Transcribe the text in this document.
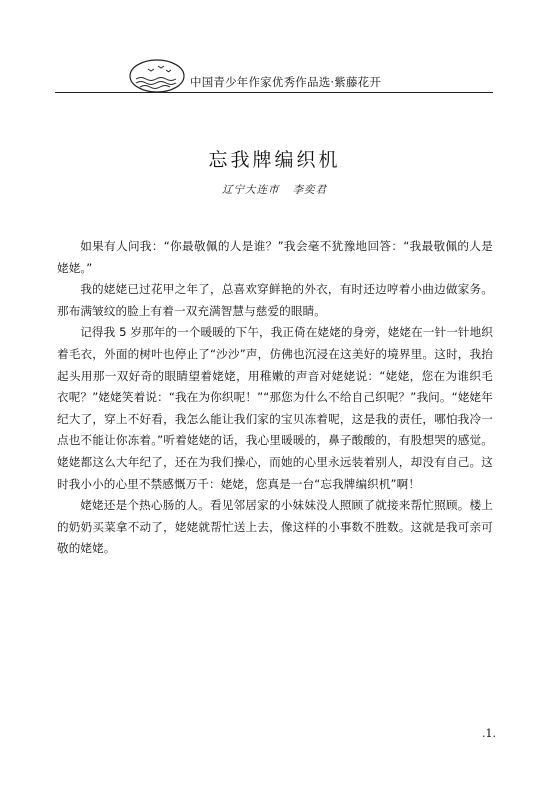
中国青少年作家优秀作品选·紫藤花开
忘我牌编织机
辽宁大连市   李奕君

如果有人问我：“你最敬佩的人是谁？”我会毫不犹豫地回答：“我最敬佩的人是姥姥。”

我的姥姥已过花甲之年了，总喜欢穿鲜艳的外衣，有时还边哼着小曲边做家务。那布满皱纹的脸上有着一双充满智慧与慈爱的眼睛。

记得我 5 岁那年的一个暖暖的下午，我正倚在姥姥的身旁，姥姥在一针一针地织着毛衣，外面的树叶也停止了“沙沙”声，仿佛也沉浸在这美好的境界里。这时，我抬起头用那一双好奇的眼睛望着姥姥，用稚嫩的声音对姥姥说：“姥姥，您在为谁织毛衣呢？”姥姥笑着说：“我在为你织呢！”“那您为什么不给自己织呢？”我问。“姥姥年纪大了，穿上不好看，我怎么能让我们家的宝贝冻着呢，这是我的责任，哪怕我冷一点也不能让你冻着。”听着姥姥的话，我心里暖暖的，鼻子酸酸的，有股想哭的感觉。姥姥都这么大年纪了，还在为我们操心，而她的心里永远装着别人，却没有自己。这时我小小的心里不禁感慨万千：姥姥，您真是一台“忘我牌编织机”啊！

姥姥还是个热心肠的人。看见邻居家的小妹妹没人照顾了就接来帮忙照顾。楼上的奶奶买菜拿不动了，姥姥就帮忙送上去，像这样的小事数不胜数。这就是我可亲可敬的姥姥。

.1.
